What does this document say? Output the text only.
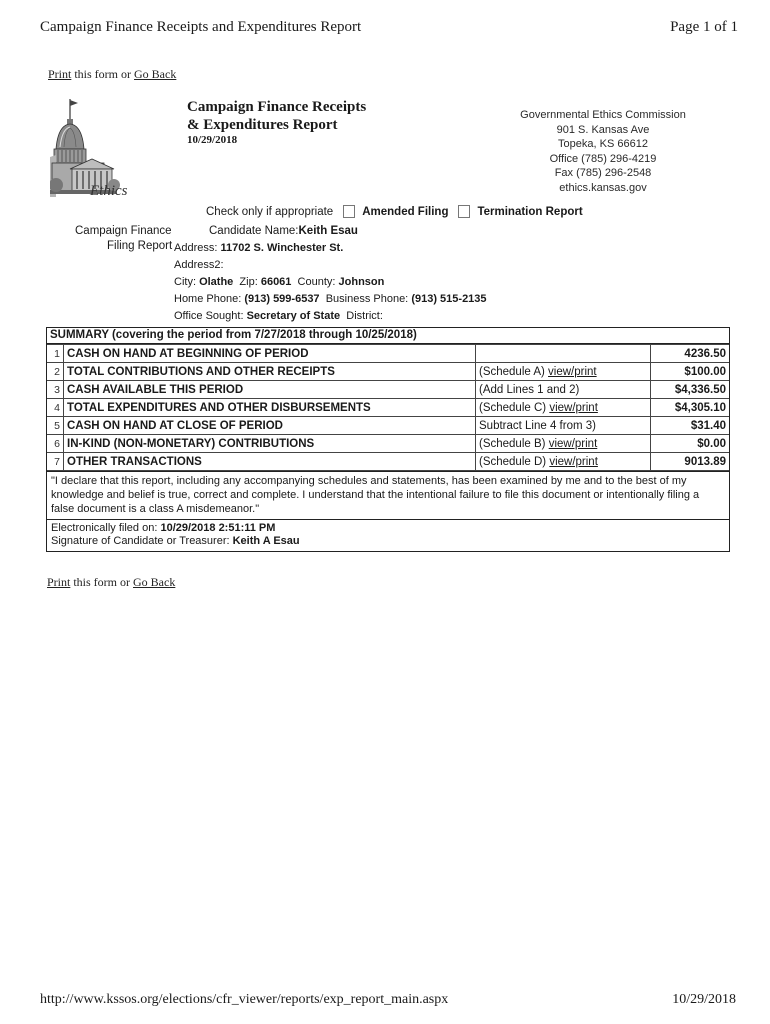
Campaign Finance Receipts and Expenditures Report	Page 1 of 1
Print this form or Go Back
Ethics
Campaign Finance Receipts
& Expenditures Report
10/29/2018
Governmental Ethics Commission
901 S. Kansas Ave
Topeka, KS 66612
Office (785) 296-4219
Fax (785) 296-2548
ethics.kansas.gov
Check only if appropriate	Amended Filing	Termination Report
Campaign Finance
Filing Report
Candidate Name:Keith Esau
Address: 11702 S. Winchester St.
Address2:
City: Olathe Zip: 66061 County: Johnson
Home Phone: (913) 599-6537 Business Phone: (913) 515-2135
Office Sought: Secretary of State District:
SUMMARY (covering the period from 7/27/2018 through 10/25/2018)
1	CASH ON HAND AT BEGINNING OF PERIOD		4236.50
2	TOTAL CONTRIBUTIONS AND OTHER RECEIPTS	(Schedule A) view/print	$100.00
3	CASH AVAILABLE THIS PERIOD	(Add Lines 1 and 2)	$4,336.50
4	TOTAL EXPENDITURES AND OTHER DISBURSEMENTS	(Schedule C) view/print	$4,305.10
5	CASH ON HAND AT CLOSE OF PERIOD	Subtract Line 4 from 3)	$31.40
6	IN-KIND (NON-MONETARY) CONTRIBUTIONS	(Schedule B) view/print	$0.00
7	OTHER TRANSACTIONS	(Schedule D) view/print	9013.89
"I declare that this report, including any accompanying schedules and statements, has been examined by me and to the best of my knowledge and belief is true, correct and complete. I understand that the intentional failure to file this document or intentionally filing a false document is a class A misdemeanor."
Electronically filed on: 10/29/2018 2:51:11 PM
Signature of Candidate or Treasurer: Keith A Esau
Print this form or Go Back
http://www.kssos.org/elections/cfr_viewer/reports/exp_report_main.aspx	10/29/2018
